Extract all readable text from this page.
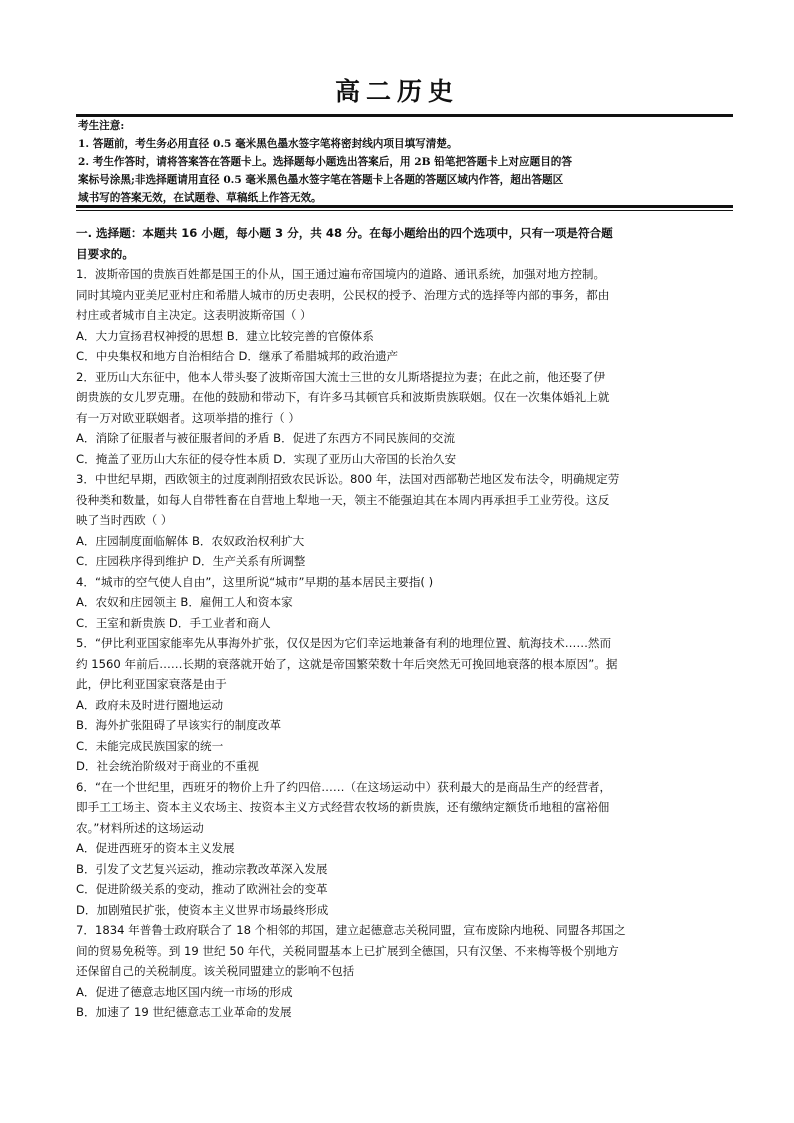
高二历史
考生注意:
1. 答题前，考生务必用直径 0.5 毫米黑色墨水签字笔将密封线内项目填写清楚。
2. 考生作答时，请将答案答在答题卡上。选择题每小题选出答案后，用 2B 铅笔把答题卡上对应题目的答
案标号涂黑;非选择题请用直径 0.5 毫米黑色墨水签字笔在答题卡上各题的答题区域内作答，超出答题区
域书写的答案无效，在试题卷、草稿纸上作答无效。
一. 选择题：本题共 16 小题，每小题 3 分，共 48 分。在每小题给出的四个选项中，只有一项是符合题
目要求的。
1．波斯帝国的贵族百姓都是国王的仆从，国王通过遍布帝国境内的道路、通讯系统，加强对地方控制。
同时其境内亚美尼亚村庄和希腊人城市的历史表明，公民权的授予、治理方式的选择等内部的事务，都由
村庄或者城市自主决定。这表明波斯帝国（ ）
A．大力宣扬君权神授的思想 B．建立比较完善的官僚体系
C．中央集权和地方自治相结合 D．继承了希腊城邦的政治遗产
2．亚历山大东征中，他本人带头娶了波斯帝国大流士三世的女儿斯塔提拉为妻；在此之前，他还娶了伊
朗贵族的女儿罗克珊。在他的鼓励和带动下，有许多马其顿官兵和波斯贵族联姻。仅在一次集体婚礼上就
有一万对欧亚联姻者。这项举措的推行（ ）
A．消除了征服者与被征服者间的矛盾 B．促进了东西方不同民族间的交流
C．掩盖了亚历山大东征的侵夺性本质 D．实现了亚历山大帝国的长治久安
3．中世纪早期，西欧领主的过度剥削招致农民诉讼。800 年，法国对西部勒芒地区发布法令，明确规定劳
役种类和数量，如每人自带牲畜在自营地上犁地一天，领主不能强迫其在本周内再承担手工业劳役。这反
映了当时西欧（ ）
A．庄园制度面临解体 B．农奴政治权利扩大
C．庄园秩序得到维护 D．生产关系有所调整
4．“城市的空气使人自由”，这里所说“城市”早期的基本居民主要指( )
A．农奴和庄园领主 B．雇佣工人和资本家
C．王室和新贵族 D．手工业者和商人
5．“伊比利亚国家能率先从事海外扩张，仅仅是因为它们幸运地兼备有利的地理位置、航海技术……然而
约 1560 年前后……长期的衰落就开始了，这就是帝国繁荣数十年后突然无可挽回地衰落的根本原因”。据
此，伊比利亚国家衰落是由于
A．政府未及时进行圈地运动
B．海外扩张阻碍了早该实行的制度改革
C．未能完成民族国家的统一
D．社会统治阶级对于商业的不重视
6．“在一个世纪里，西班牙的物价上升了约四倍……（在这场运动中）获利最大的是商品生产的经营者，
即手工工场主、资本主义农场主、按资本主义方式经营农牧场的新贵族，还有缴纳定额货币地租的富裕佃
农。”材料所述的这场运动
A．促进西班牙的资本主义发展
B．引发了文艺复兴运动，推动宗教改革深入发展
C．促进阶级关系的变动，推动了欧洲社会的变革
D．加剧殖民扩张，使资本主义世界市场最终形成
7．1834 年普鲁士政府联合了 18 个相邻的邦国，建立起德意志关税同盟，宣布废除内地税、同盟各邦国之
间的贸易免税等。到 19 世纪 50 年代，关税同盟基本上已扩展到全德国，只有汉堡、不来梅等极个别地方
还保留自己的关税制度。该关税同盟建立的影响不包括
A．促进了德意志地区国内统一市场的形成
B．加速了 19 世纪德意志工业革命的发展
